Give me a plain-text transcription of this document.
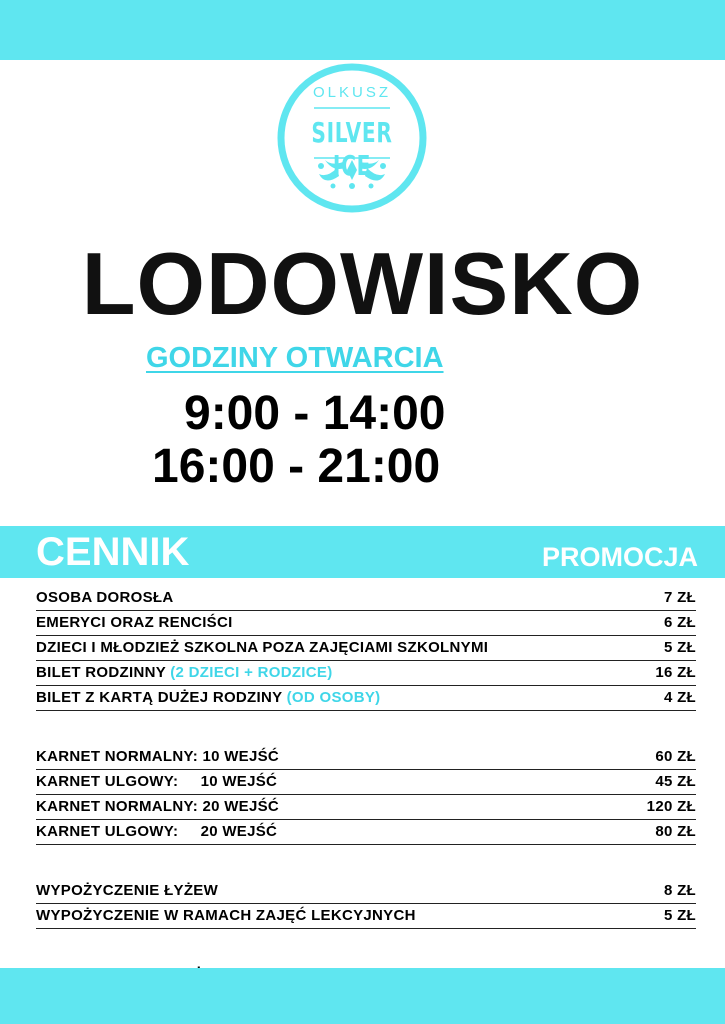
OLKUSZ
SILVER ICE
LODOWISKO
GODZINY OTWARCIA
9:00 - 14:00
16:00 - 21:00
CENNIK	PROMOCJA
OSOBA DOROSŁA	7 ZŁ
EMERYCI ORAZ RENCIŚCI	6 ZŁ
DZIECI I MŁODZIEŻ SZKOLNA POZA ZAJĘCIAMI SZKOLNYMI	5 ZŁ
BILET RODZINNY (2 DZIECI + RODZICE)	16 ZŁ
BILET Z KARTĄ DUŻEJ RODZINY (OD OSOBY)	4 ZŁ
KARNET NORMALNY: 10 WEJŚĆ	60 ZŁ
KARNET ULGOWY:     10 WEJŚĆ	45 ZŁ
KARNET NORMALNY: 20 WEJŚĆ	120 ZŁ
KARNET ULGOWY:     20 WEJŚĆ	80 ZŁ
WYPOŻYCZENIE ŁYŻEW	8 ZŁ
WYPOŻYCZENIE W RAMACH ZAJĘĆ LEKCYJNYCH	5 ZŁ
